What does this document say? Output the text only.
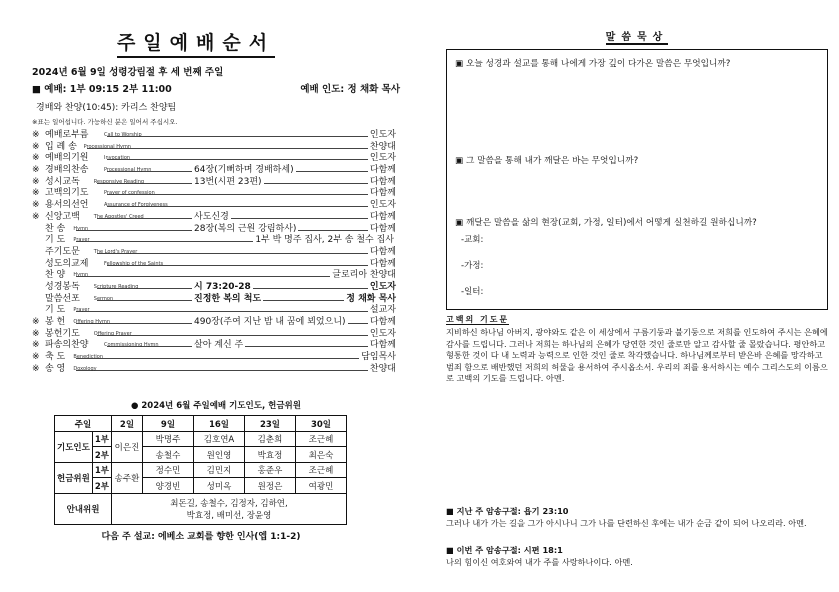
주일예배순서
2024년 6월 9일 성령강림절 후 세 번째 주일
■ 예배: 1부 09:15 2부 11:00	예배 인도: 정 채화 목사
경배와 찬양(10:45): 카리스 찬양팀
※표는 일어섭니다. 가능하신 분은 일어서 주십시오.
※ 예배로부름	Call to Worship	인도자
※ 입 례 송	Processional Hymn	찬양대
※ 예배의기원	Invocation	인도자
※ 경배의찬송	Processional Hymn	64장(기뻐하며 경배하세)	다함께
※ 성시교독	Responsive Reading	13번(시편 23편)	다함께
※ 고백의기도	Prayer of confession	다함께
※ 용서의선언	Assurance of Forgiveness	인도자
※ 신앙고백	The Apostles' Creed	사도신경	다함께
찬 송	Hymn	28장(복의 근원 강림하사)	다함께
기 도	Prayer	1부 박 명주 집사, 2부 송 철수 집사
주기도문	The Lord's Prayer	다함께
성도의교제	Fellowship of the Saints	다함께
찬 양	Hymn	글로리아 찬양대
성경봉독	Scripture Reading	시 73:20-28	인도자
말씀선포	Sermon	진정한 복의 척도	정 채화 목사
기 도	Prayer	설교자
※ 봉 헌	Offering Hymn	490장(주여 지난 밤 내 꿈에 뵈었으니)	다함께
※ 봉헌기도	Offering Prayer	인도자
※ 파송의찬양	Commissioning Hymn	살아 계신 주	다함께
※ 축 도	Benediction	담임목사
※ 송 영	Doxology	찬양대
● 2024년 6월 주일예배 기도인도, 헌금위원
주일		2일	9일	16일	23일	30일
기도인도	1부	이은진	박명주	김호연A	김춘희	조근혜
	2부		송철수	원인영	박효정	최은숙
헌금위원	1부	송주환	정수민	김민지	홍준우	조근혜
	2부		양경빈	성미옥	원정은	여광민
안내위원		최돈길, 송철수, 김정자, 김하연,
박효정, 배미선, 장윤영				
다음 주 설교: 에베소 교회를 향한 인사(엡 1:1-2)
말씀묵상
▣ 오늘 성경과 설교를 통해 나에게 가장 깊이 다가온 말씀은 무엇입니까?
▣ 그 말씀을 통해 내가 깨달은 바는 무엇입니까?
▣ 깨달은 말씀을 삶의 현장(교회, 가정, 일터)에서 어떻게 실천하길 원하십니까?
-교회:
-가정:
-일터:
고백의 기도문
지비하신 하나님 아버지, 광야와도 같은 이 세상에서 구름기둥과 불기둥으로 저희를 인도하여 주시는 은혜에 감사를 드립니다. 그러나 저희는 하나님의 은혜가 당연한 것인 줄로만 알고 감사할 줄 몰랐습니다. 평안하고 형통한 것이 다 내 노력과 능력으로 인한 것인 줄로 착각했습니다. 하나님께로부터 받은바 은혜를 망각하고 범죄 함으로 배반했던 저희의 허물을 용서하여 주시옵소서. 우리의 죄를 용서하시는 예수 그리스도의 이름으로 고백의 기도를 드립니다. 아멘.
■ 지난 주 암송구절: 욥기 23:10
그러나 내가 가는 길을 그가 아시나니 그가 나를 단련하신 후에는 내가 순금 같이 되어 나오리라. 아멘.
■ 이번 주 암송구절: 시편 18:1
나의 힘이신 여호와여 내가 주를 사랑하나이다. 아멘.
